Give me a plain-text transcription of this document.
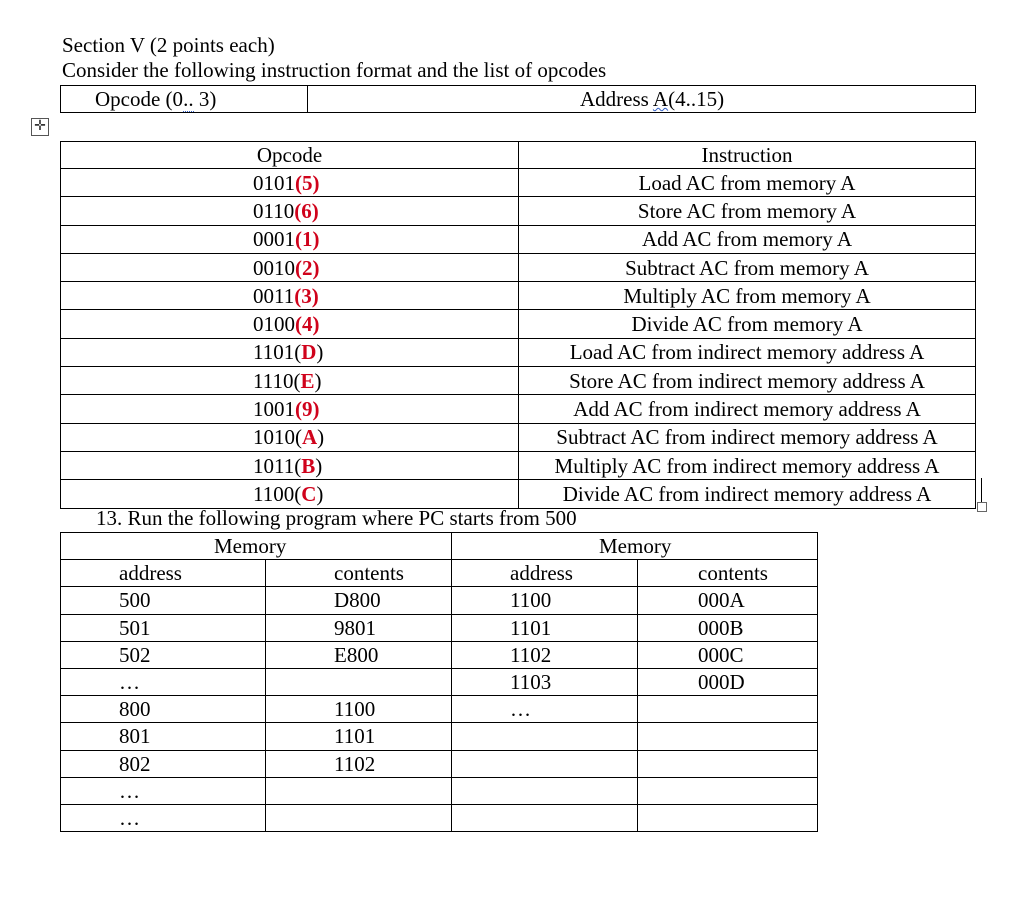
Section V (2 points each)
Consider the following instruction format and the list of opcodes
Opcode (0.. 3)	Address A(4..15)
✛
Opcode	Instruction
0101(5)	Load AC from memory A
0110(6)	Store AC from memory A
0001(1)	Add AC from memory A
0010(2)	Subtract AC from memory A
0011(3)	Multiply AC from memory A
0100(4)	Divide AC from memory A
1101(D)	Load AC from indirect memory address A
1110(E)	Store AC from indirect memory address A
1001(9)	Add AC from indirect memory address A
1010(A)	Subtract AC from indirect memory address A
1011(B)	Multiply AC from indirect memory address A
1100(C)	Divide AC from indirect memory address A
13. Run the following program where PC starts from 500
Memory		Memory	
address	contents	address	contents
500	D800	1100	000A
501	9801	1101	000B
502	E800	1102	000C
…		1103	000D
800	1100	…	
801	1101		
802	1102		
…			
…			
